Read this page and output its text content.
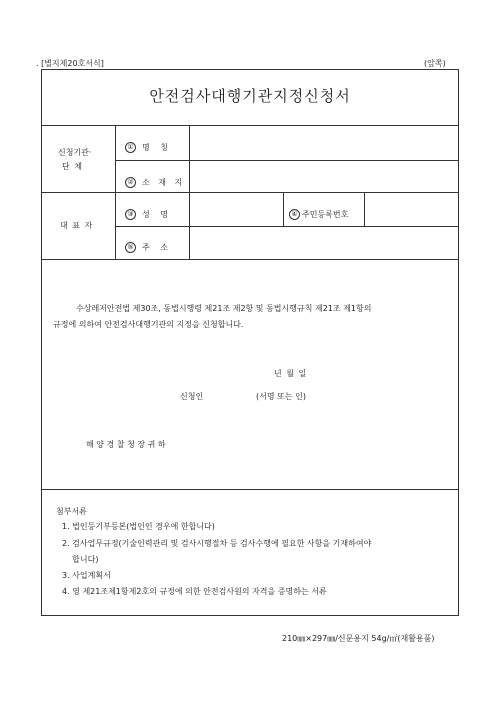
. [별지제20호서식]	(앞쪽)
안전검사대행기관지정신청서
신청기관·
단 체
① 명 칭
② 소 재 지
대 표 자
③ 성 명	④ 주민등록번호
⑤ 주 소
수상레저안전법 제30조, 동법시행령 제21조 제2항 및 동법시행규칙 제21조 제1항의
규정에 의하여 안전검사대행기관의 지정을 신청합니다.
년 월 일
신청인	(서명 또는 인)
해 양 경 찰 청 장 귀 하
첨부서류
1. 법인등기부등본(법인인 경우에 한합니다)
2. 검사업무규정(기술인력관리 및 검사시행절차 등 검사수행에 필요한 사항을 기재하여야
합니다)
3. 사업계획서
4. 영 제21조제1항제2호의 규정에 의한 안전검사원의 자격을 증명하는 서류
210㎜×297㎜/신문용지 54g/㎡(재활용품)
